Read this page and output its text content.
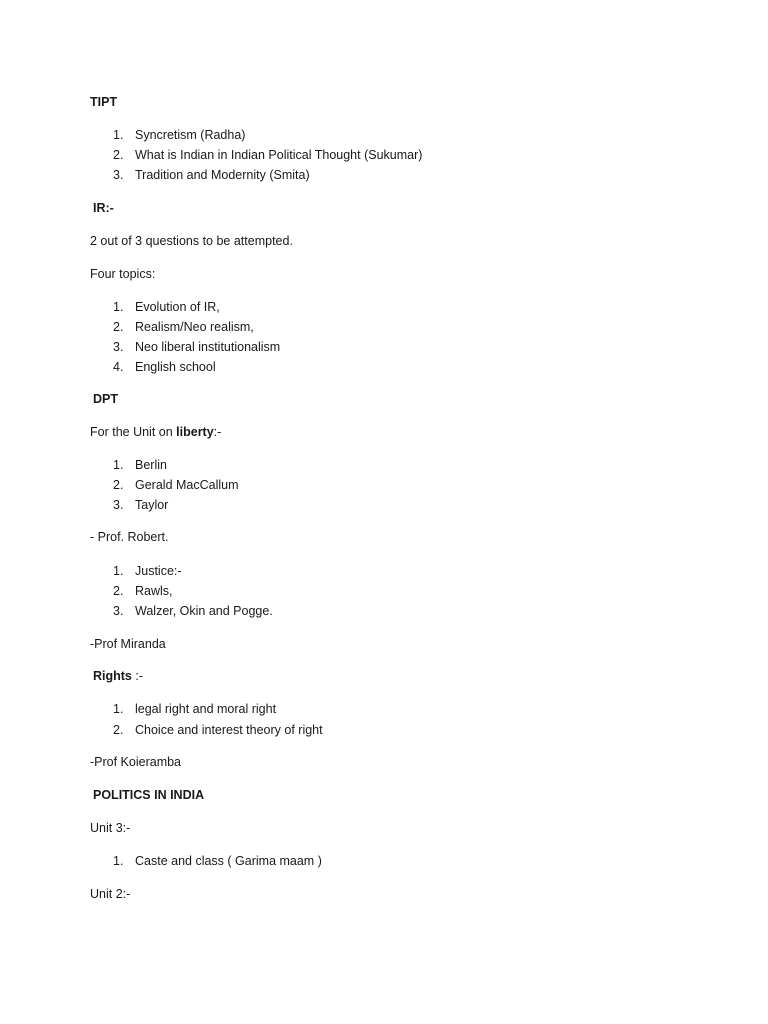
TIPT
1. Syncretism (Radha)
2. What is Indian in Indian Political Thought (Sukumar)
3. Tradition and Modernity (Smita)
IR:-
2 out of 3 questions to be attempted.
Four topics:
1. Evolution of IR,
2. Realism/Neo realism,
3. Neo liberal institutionalism
4. English school
DPT
For the Unit on liberty:-
1. Berlin
2. Gerald MacCallum
3. Taylor
- Prof. Robert.
1. Justice:-
2. Rawls,
3. Walzer, Okin and Pogge.
-Prof Miranda
Rights :-
1. legal right and moral right
2. Choice and interest theory of right
-Prof Koieramba
POLITICS IN INDIA
Unit 3:-
1. Caste and class ( Garima maam )
Unit 2:-
